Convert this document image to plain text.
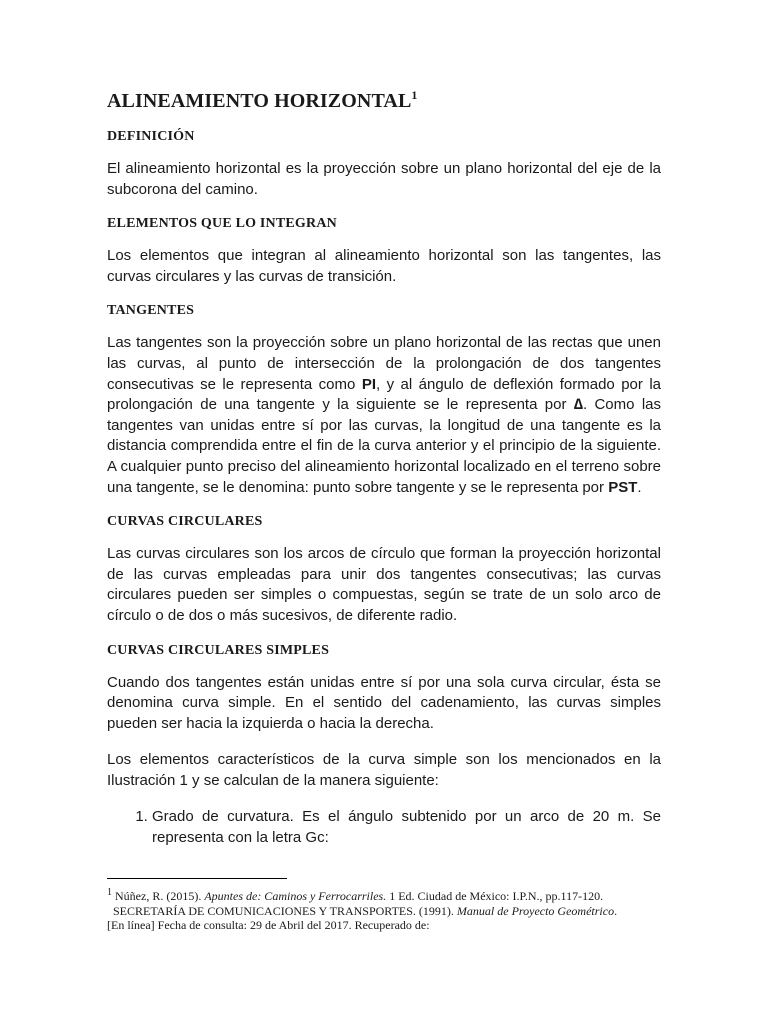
ALINEAMIENTO HORIZONTAL$^1$
DEFINICIÓN

El alineamiento horizontal es la proyección sobre un plano horizontal del eje de la subcorona del camino.

ELEMENTOS QUE LO INTEGRAN

Los elementos que integran al alineamiento horizontal son las tangentes, las curvas circulares y las curvas de transición.

TANGENTES

Las tangentes son la proyección sobre un plano horizontal de las rectas que unen las curvas, al punto de intersección de la prolongación de dos tangentes consecutivas se le representa como PI, y al ángulo de deflexión formado por la prolongación de una tangente y la siguiente se le representa por ∆. Como las tangentes van unidas entre sí por las curvas, la longitud de una tangente es la distancia comprendida entre el fin de la curva anterior y el principio de la siguiente. A cualquier punto preciso del alineamiento horizontal localizado en el terreno sobre una tangente, se le denomina: punto sobre tangente y se le representa por PST.

CURVAS CIRCULARES

Las curvas circulares son los arcos de círculo que forman la proyección horizontal de las curvas empleadas para unir dos tangentes consecutivas; las curvas circulares pueden ser simples o compuestas, según se trate de un solo arco de círculo o de dos o más sucesivos, de diferente radio.

CURVAS CIRCULARES SIMPLES

Cuando dos tangentes están unidas entre sí por una sola curva circular, ésta se denomina curva simple. En el sentido del cadenamiento, las curvas simples pueden ser hacia la izquierda o hacia la derecha.

Los elementos característicos de la curva simple son los mencionados en la Ilustración 1 y se calculan de la manera siguiente:

1. Grado de curvatura. Es el ángulo subtenido por un arco de 20 m. Se representa con la letra Gc:
$^1$ Núñez, R. (2015). Apuntes de: Caminos y Ferrocarriles. 1 Ed. Ciudad de México: I.P.N., pp.117-120.
SECRETARÍA DE COMUNICACIONES Y TRANSPORTES. (1991). Manual de Proyecto Geométrico.
[En línea] Fecha de consulta: 29 de Abril del 2017. Recuperado de:
